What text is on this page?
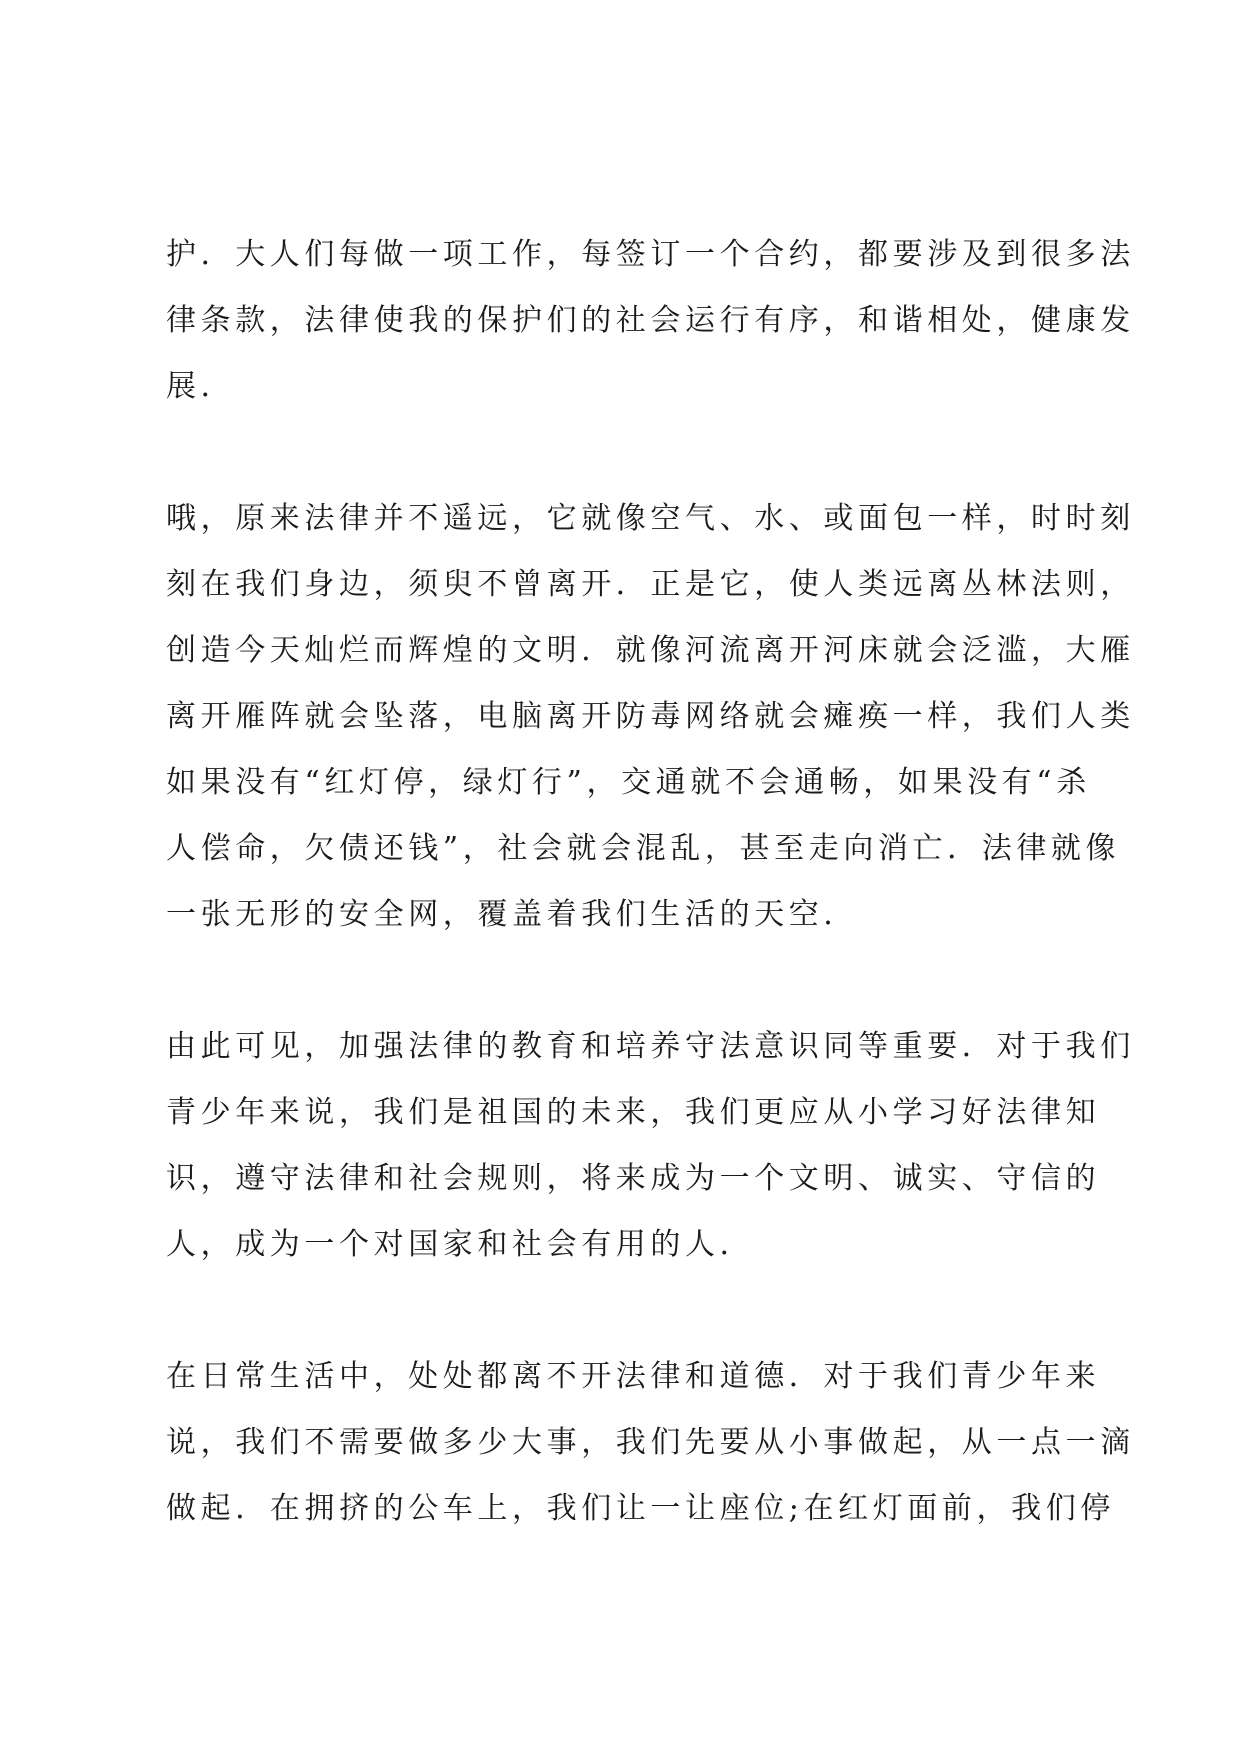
护．大人们每做一项工作，每签订一个合约，都要涉及到很多法
律条款，法律使我的保护们的社会运行有序，和谐相处，健康发
展．

哦，原来法律并不遥远，它就像空气、水、或面包一样，时时刻
刻在我们身边，须臾不曾离开．正是它，使人类远离丛林法则，
创造今天灿烂而辉煌的文明．就像河流离开河床就会泛滥，大雁
离开雁阵就会坠落，电脑离开防毒网络就会瘫痪一样，我们人类
如果没有“红灯停，绿灯行”，交通就不会通畅，如果没有“杀
人偿命，欠债还钱”，社会就会混乱，甚至走向消亡．法律就像
一张无形的安全网，覆盖着我们生活的天空．

由此可见，加强法律的教育和培养守法意识同等重要．对于我们
青少年来说，我们是祖国的未来，我们更应从小学习好法律知
识，遵守法律和社会规则，将来成为一个文明、诚实、守信的
人，成为一个对国家和社会有用的人．

在日常生活中，处处都离不开法律和道德．对于我们青少年来
说，我们不需要做多少大事，我们先要从小事做起，从一点一滴
做起．在拥挤的公车上，我们让一让座位;在红灯面前，我们停
